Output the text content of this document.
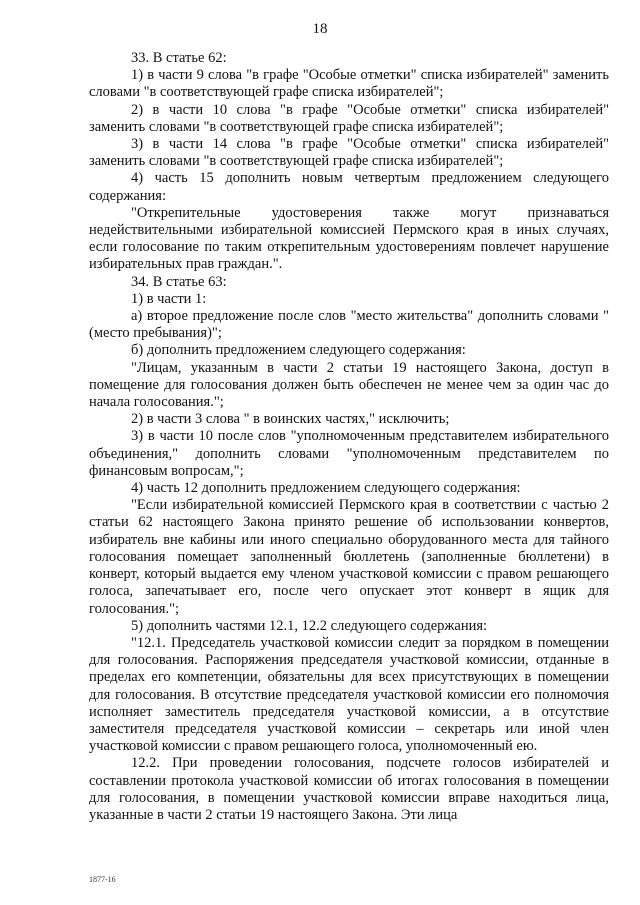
18

33. В статье 62:

1) в части 9 слова "в графе "Особые отметки" списка избирателей" заменить словами "в соответствующей графе списка избирателей";

2) в части 10 слова "в графе "Особые отметки" списка избирателей" заменить словами "в соответствующей графе списка избирателей";

3) в части 14 слова "в графе "Особые отметки" списка избирателей" заменить словами "в соответствующей графе списка избирателей";

4) часть 15 дополнить новым четвертым предложением следующего содержания:

"Открепительные удостоверения также могут признаваться недействительными избирательной комиссией Пермского края в иных случаях, если голосование по таким открепительным удостоверениям повлечет нарушение избирательных прав граждан.".

34. В статье 63:

1) в части 1:

а) второе предложение после слов "место жительства" дополнить словами "(место пребывания)";

б) дополнить предложением следующего содержания:

"Лицам, указанным в части 2 статьи 19 настоящего Закона, доступ в помещение для голосования должен быть обеспечен не менее чем за один час до начала голосования.";

2) в части 3 слова " в воинских частях," исключить;

3) в части 10 после слов "уполномоченным представителем избирательного объединения," дополнить словами "уполномоченным представителем по финансовым вопросам,";

4) часть 12 дополнить предложением следующего содержания:

"Если избирательной комиссией Пермского края в соответствии с частью 2 статьи 62 настоящего Закона принято решение об использовании конвертов, избиратель вне кабины или иного специально оборудованного места для тайного голосования помещает заполненный бюллетень (заполненные бюллетени) в конверт, который выдается ему членом участковой комиссии с правом решающего голоса, запечатывает его, после чего опускает этот конверт в ящик для голосования.";

5) дополнить частями 12.1, 12.2 следующего содержания:

"12.1. Председатель участковой комиссии следит за порядком в помещении для голосования. Распоряжения председателя участковой комиссии, отданные в пределах его компетенции, обязательны для всех присутствующих в помещении для голосования. В отсутствие председателя участковой комиссии его полномочия исполняет заместитель председателя участковой комиссии, а в отсутствие заместителя председателя участковой комиссии – секретарь или иной член участковой комиссии с правом решающего голоса, уполномоченный ею.

12.2. При проведении голосования, подсчете голосов избирателей и составлении протокола участковой комиссии об итогах голосования в помещении для голосования, в помещении участковой комиссии вправе находиться лица, указанные в части 2 статьи 19 настоящего Закона. Эти лица

1877-16
